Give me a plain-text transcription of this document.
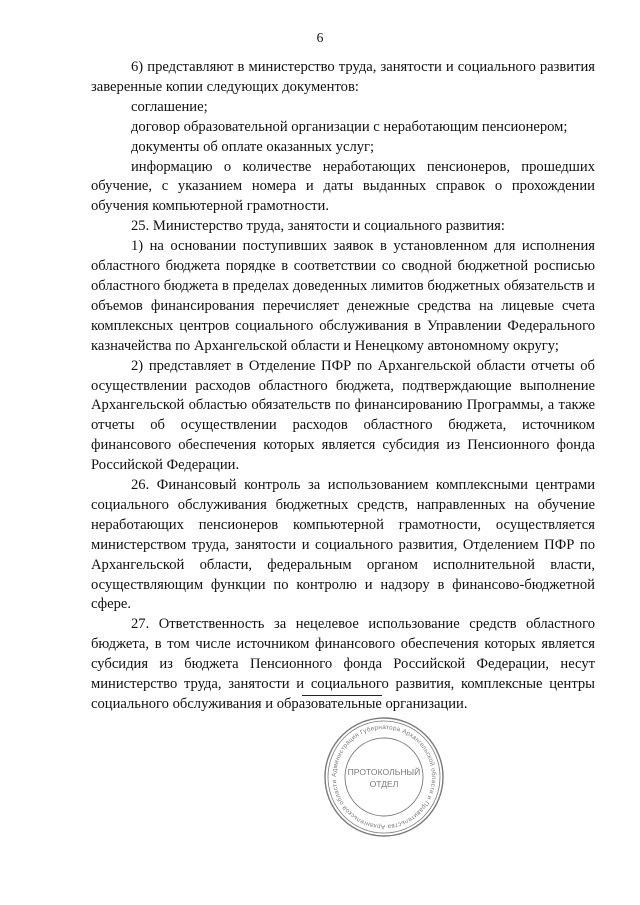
6

6) представляют в министерство труда, занятости и социального развития заверенные копии следующих документов:

соглашение;

договор образовательной организации с неработающим пенсионером;

документы об оплате оказанных услуг;

информацию о количестве неработающих пенсионеров, прошедших обучение, с указанием номера и даты выданных справок о прохождении обучения компьютерной грамотности.

25. Министерство труда, занятости и социального развития:

1) на основании поступивших заявок в установленном для исполнения областного бюджета порядке в соответствии со сводной бюджетной росписью областного бюджета в пределах доведенных лимитов бюджетных обязательств и объемов финансирования перечисляет денежные средства на лицевые счета комплексных центров социального обслуживания в Управлении Федерального казначейства по Архангельской области и Ненецкому автономному округу;

2) представляет в Отделение ПФР по Архангельской области отчеты об осуществлении расходов областного бюджета, подтверждающие выполнение Архангельской областью обязательств по финансированию Программы, а также отчеты об осуществлении расходов областного бюджета, источником финансового обеспечения которых является субсидия из Пенсионного фонда Российской Федерации.

26. Финансовый контроль за использованием комплексными центрами социального обслуживания бюджетных средств, направленных на обучение неработающих пенсионеров компьютерной грамотности, осуществляется министерством труда, занятости и социального развития, Отделением ПФР по Архангельской области, федеральным органом исполнительной власти, осуществляющим функции по контролю и надзору в финансово-бюджетной сфере.

27. Ответственность за нецелевое использование средств областного бюджета, в том числе источником финансового обеспечения которых является субсидия из бюджета Пенсионного фонда Российской Федерации, несут министерство труда, занятости и социального развития, комплексные центры социального обслуживания и образовательные организации.

Администрация Губернатора Архангельской области и Правительства Архангельской области
ПРОТОКОЛЬНЫЙ
ОТДЕЛ
